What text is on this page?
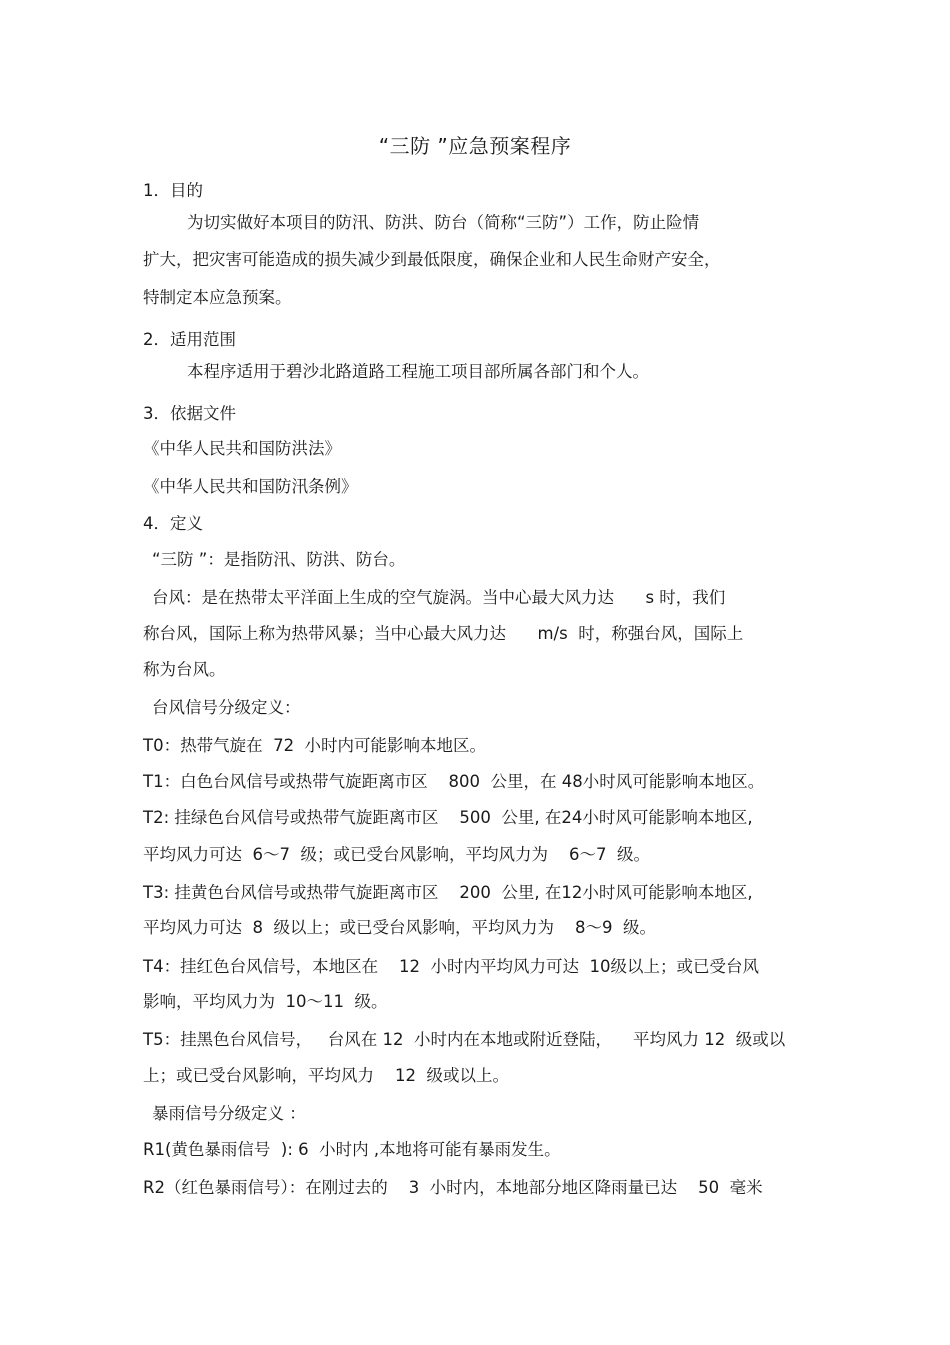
“三防 ”应急预案程序
1．目的
为切实做好本项目的防汛、防洪、防台（简称“三防”）工作，防止险情
扩大，把灾害可能造成的损失减少到最低限度，确保企业和人民生命财产安全，
特制定本应急预案。
2．适用范围
本程序适用于碧沙北路道路工程施工项目部所属各部门和个人。
3．依据文件
《中华人民共和国防洪法》
《中华人民共和国防汛条例》
4．定义
“三防 ”：是指防汛、防洪、防台。
台风：是在热带太平洋面上生成的空气旋涡。当中心最大风力达      s 时，我们
称台风，国际上称为热带风暴；当中心最大风力达      m/s  时，称强台风，国际上
称为台风。
台风信号分级定义：
T0：热带气旋在  72  小时内可能影响本地区。
T1：白色台风信号或热带气旋距离市区    800  公里，在 48小时风可能影响本地区。
T2: 挂绿色台风信号或热带气旋距离市区    500  公里, 在24小时风可能影响本地区,
平均风力可达  6～7  级；或已受台风影响，平均风力为    6～7  级。
T3: 挂黄色台风信号或热带气旋距离市区    200  公里, 在12小时风可能影响本地区,
平均风力可达  8  级以上；或已受台风影响，平均风力为    8～9  级。
T4：挂红色台风信号，本地区在    12  小时内平均风力可达  10级以上；或已受台风
影响，平均风力为  10～11  级。
T5：挂黑色台风信号，   台风在 12  小时内在本地或附近登陆，    平均风力 12  级或以
上；或已受台风影响，平均风力    12  级或以上。
暴雨信号分级定义 ：
R1(黄色暴雨信号  ): 6  小时内 ,本地将可能有暴雨发生。
R2（红色暴雨信号）：在刚过去的    3  小时内，本地部分地区降雨量已达    50  毫米
